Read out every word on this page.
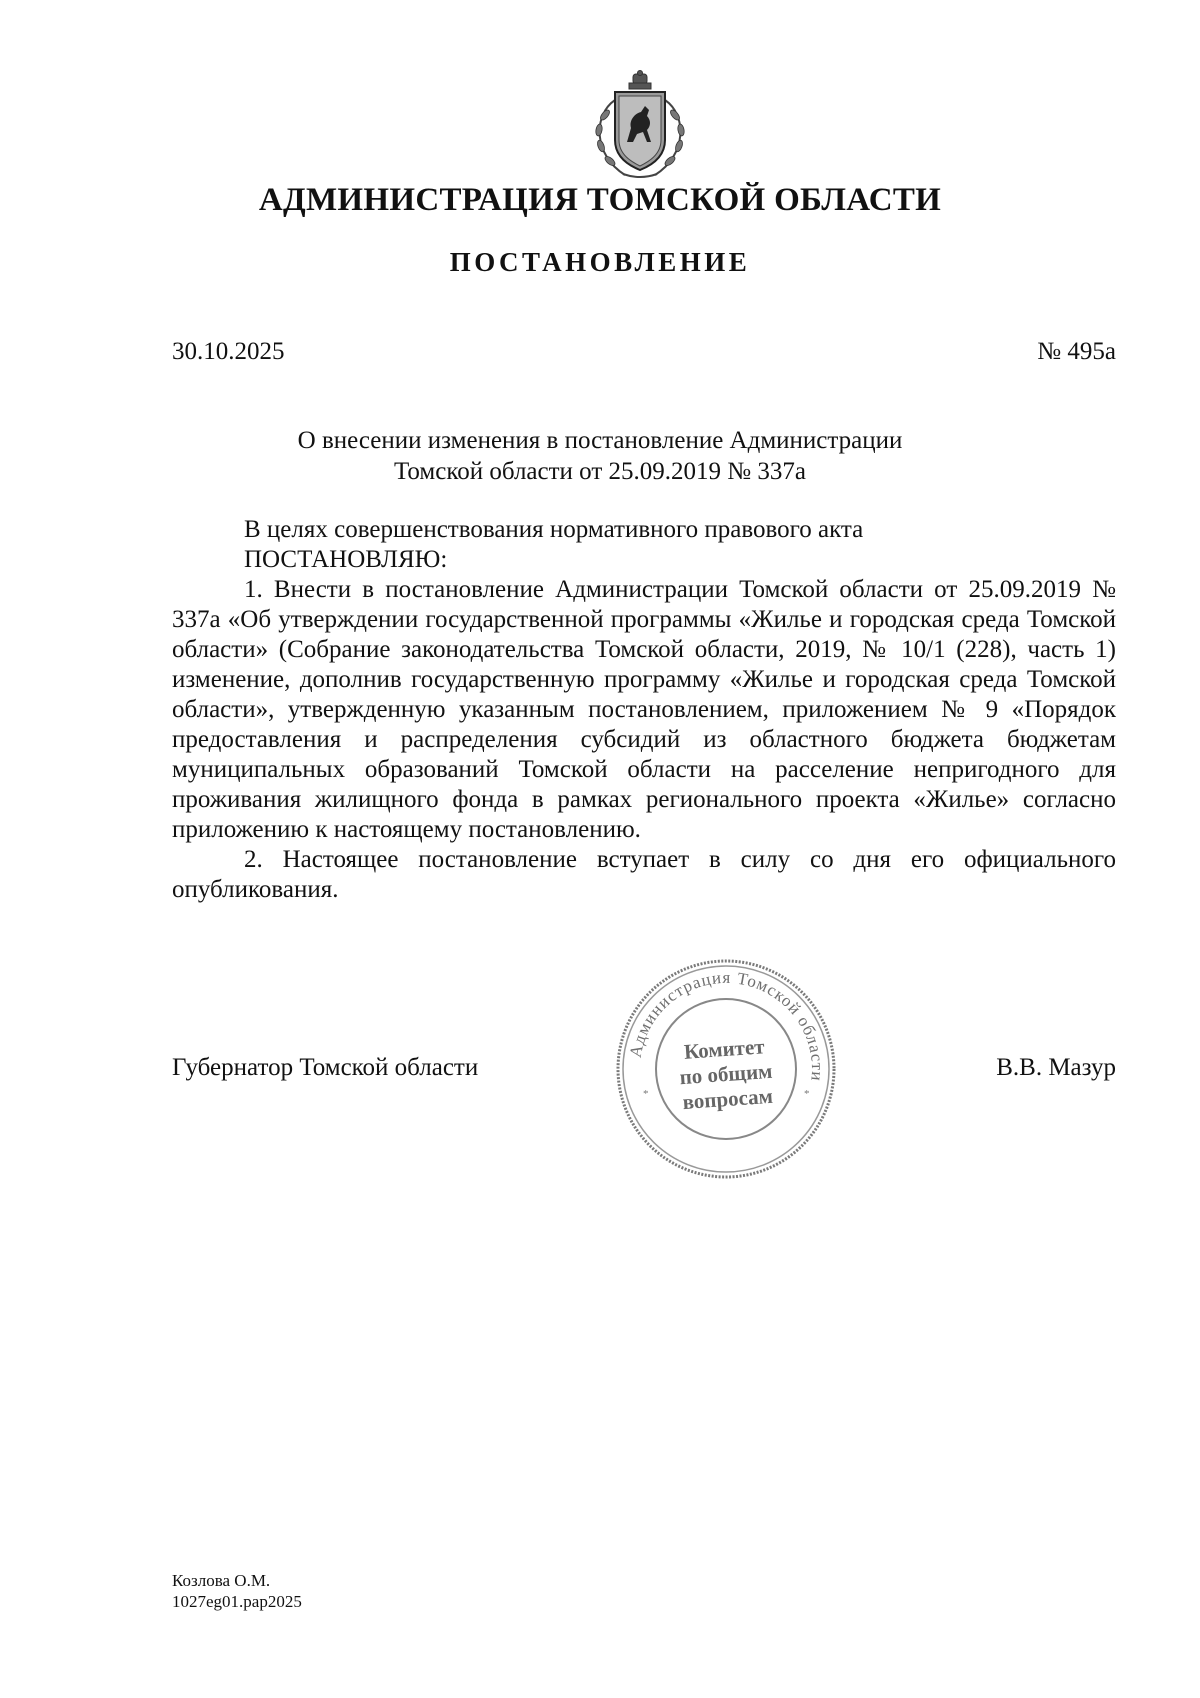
АДМИНИСТРАЦИЯ ТОМСКОЙ ОБЛАСТИ
ПОСТАНОВЛЕНИЕ
30.10.2025	№ 495а
О внесении изменения в постановление Администрации
Томской области от 25.09.2019 № 337а

В целях совершенствования нормативного правового акта

ПОСТАНОВЛЯЮ:

1. Внести в постановление Администрации Томской области от 25.09.2019 № 337а «Об утверждении государственной программы «Жилье и городская среда Томской области» (Собрание законодательства Томской области, 2019, № 10/1 (228), часть 1) изменение, дополнив государственную программу «Жилье и городская среда Томской области», утвержденную указанным постановлением, приложением № 9 «Порядок предоставления и распределения субсидий из областного бюджета бюджетам муниципальных образований Томской области на расселение непригодного для проживания жилищного фонда в рамках регионального проекта «Жилье» согласно приложению к настоящему постановлению.

2. Настоящее постановление вступает в силу со дня его официального опубликования.

Губернатор Томской области	В.В. Мазур
*	*
Администрация Томской области
Комитет
по общим
вопросам
Козлова О.М.
1027eg01.pap2025
